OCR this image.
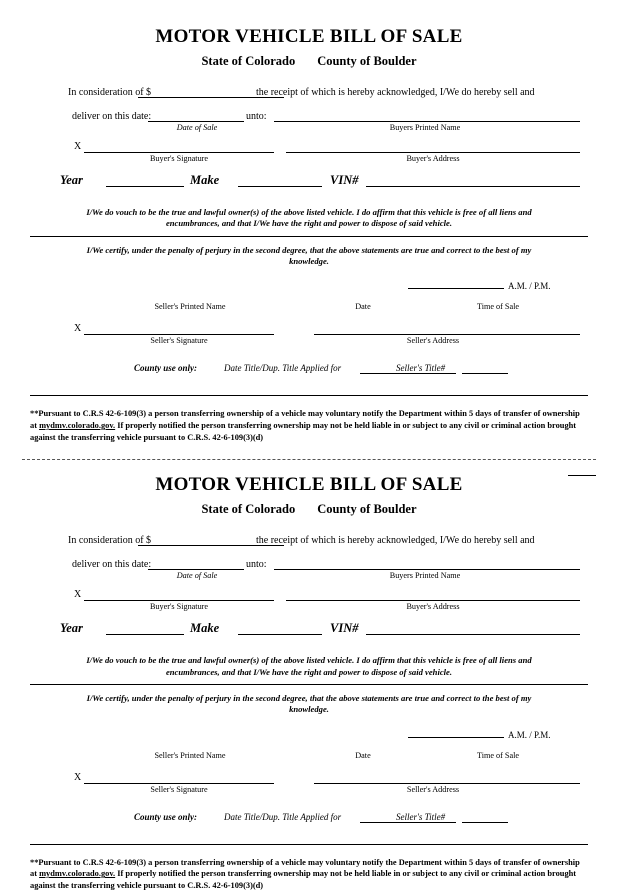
MOTOR VEHICLE BILL OF SALE
State of Colorado County of Boulder
In consideration of $	the receipt of which is hereby acknowledged, I/We do hereby sell and
deliver on this date:	unto:
Date of Sale	Buyers Printed Name
X
Buyer's Signature	Buyer's Address
Year	Make	VIN#
I/We do vouch to be the true and lawful owner(s) of the above listed vehicle. I do affirm that this vehicle is free of all liens and encumbrances, and that I/We have the right and power to dispose of said vehicle.
I/We certify, under the penalty of perjury in the second degree, that the above statements are true and correct to the best of my knowledge.
A.M. / P.M.
Seller's Printed Name	Date	Time of Sale
X
Seller's Signature	Seller's Address
County use only:	Date Title/Dup. Title Applied for	Seller's Title#
**Pursuant to C.R.S 42-6-109(3) a person transferring ownership of a vehicle may voluntary notify the Department within 5 days of transfer of ownership at mydmv.colorado.gov. If properly notified the person transferring ownership may not be held liable in or subject to any civil or criminal action brought against the transferring vehicle pursuant to C.R.S. 42-6-109(3)(d)
MOTOR VEHICLE BILL OF SALE
State of Colorado County of Boulder
In consideration of $	the receipt of which is hereby acknowledged, I/We do hereby sell and
deliver on this date:	unto:
Date of Sale	Buyers Printed Name
X
Buyer's Signature	Buyer's Address
Year	Make	VIN#
I/We do vouch to be the true and lawful owner(s) of the above listed vehicle. I do affirm that this vehicle is free of all liens and encumbrances, and that I/We have the right and power to dispose of said vehicle.
I/We certify, under the penalty of perjury in the second degree, that the above statements are true and correct to the best of my knowledge.
A.M. / P.M.
Seller's Printed Name	Date	Time of Sale
X
Seller's Signature	Seller's Address
County use only:	Date Title/Dup. Title Applied for	Seller's Title#
**Pursuant to C.R.S 42-6-109(3) a person transferring ownership of a vehicle may voluntary notify the Department within 5 days of transfer of ownership at mydmv.colorado.gov. If properly notified the person transferring ownership may not be held liable in or subject to any civil or criminal action brought against the transferring vehicle pursuant to C.R.S. 42-6-109(3)(d)
